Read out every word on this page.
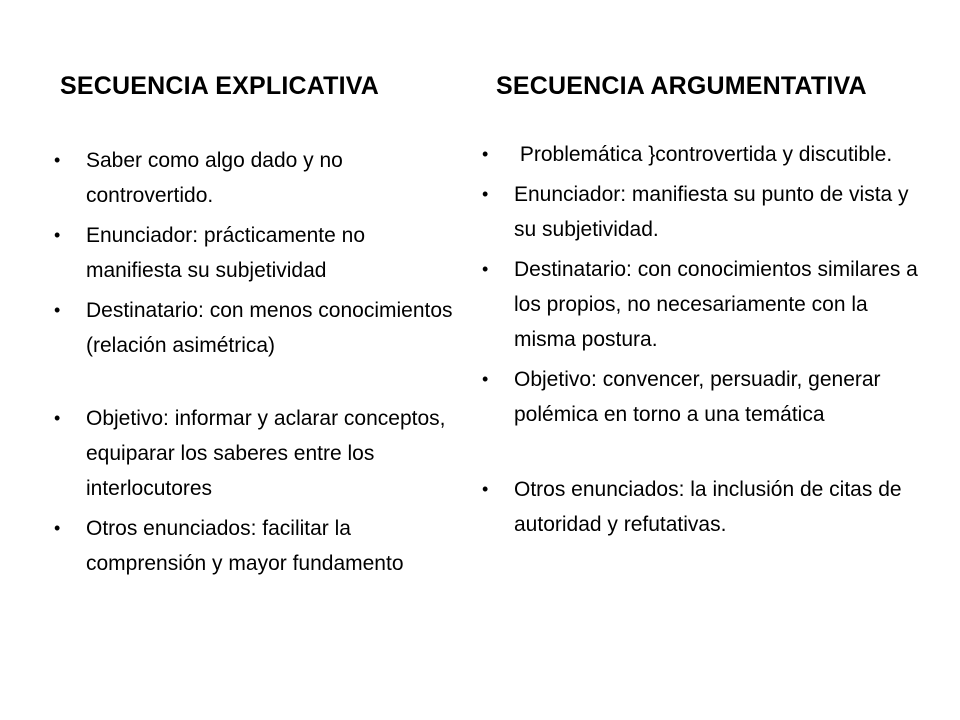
SECUENCIA EXPLICATIVA	SECUENCIA ARGUMENTATIVA
•	Saber como algo dado y no controvertido.
•	Enunciador: prácticamente no manifiesta su subjetividad
•	Destinatario: con menos conocimientos (relación asimétrica)
•	Objetivo: informar y aclarar conceptos, equiparar los saberes entre los interlocutores
•	Otros enunciados: facilitar la comprensión y mayor fundamento
•	Problemática }controvertida y discutible.
•	Enunciador: manifiesta su punto de vista y su subjetividad.
•	Destinatario: con conocimientos similares a los propios, no necesariamente con la misma postura.
•	Objetivo: convencer, persuadir, generar polémica en torno a una temática
•	Otros enunciados: la inclusión de citas de autoridad y refutativas.
